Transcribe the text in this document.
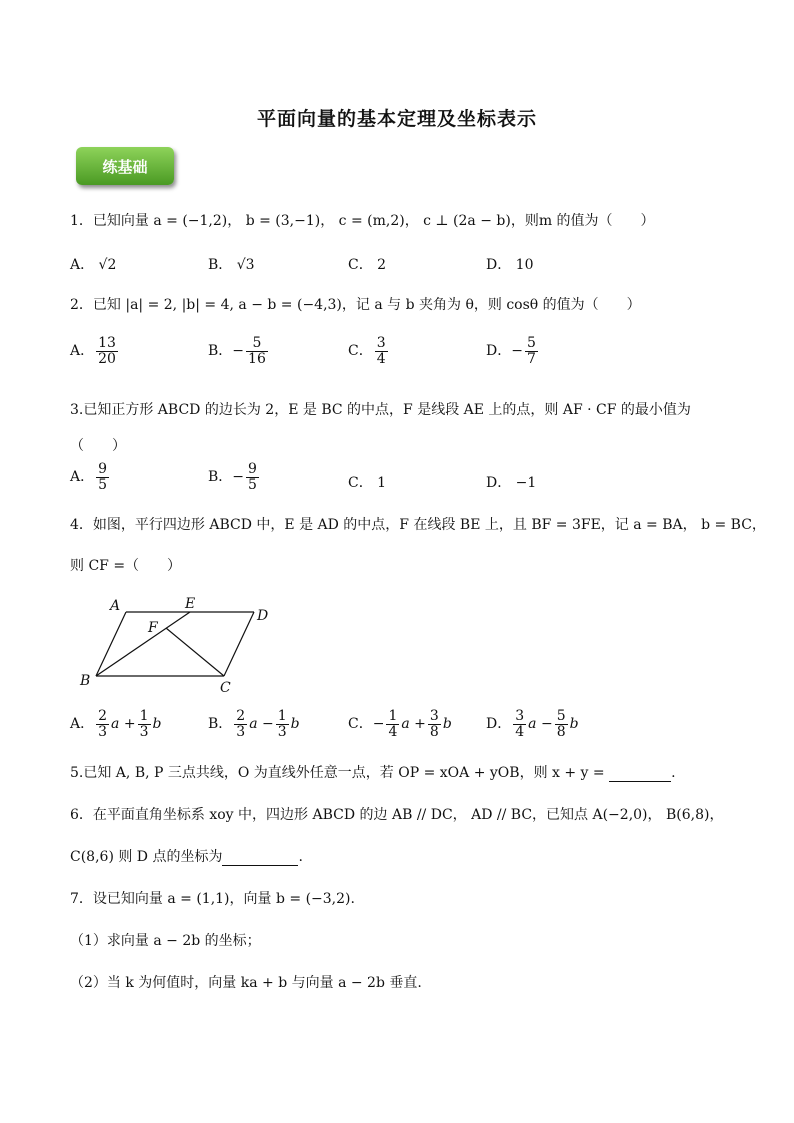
平面向量的基本定理及坐标表示
练基础
1．已知向量 a = (−1,2)， b = (3,−1)， c = (m,2)， c ⊥ (2a − b)，则m 的值为（　　）
A． √2	B． √3	C． 2	D． 10
2．已知 |a| = 2, |b| = 4, a − b = (−4,3)，记 a 与 b 夹角为 θ，则 cosθ 的值为（　　）
A． $\frac{13}{20}$	B．− $\frac{5}{16}$	C． $\frac{3}{4}$	D．− $\frac{5}{7}$
3.已知正方形 ABCD 的边长为 2，E 是 BC 的中点，F 是线段 AE 上的点，则 AF · CF 的最小值为
（　　）
A． $\frac{9}{5}$	B．− $\frac{9}{5}$	C． 1	D． −1
4．如图，平行四边形 ABCD 中，E 是 AD 的中点，F 在线段 BE 上，且 BF = 3FE，记 a = BA， b = BC，
则 CF =（　　）
A	E
D
F
B	C
A． $\frac{2}{3}$ $a + \frac{1}{3}$ b	B． $\frac{2}{3}$ $a - \frac{1}{3}$ b	C．− $\frac{1}{4}$ $a + \frac{3}{8}$ b D． $\frac{3}{4}$ $a - \frac{5}{8}$ b
5.已知 A, B, P 三点共线，O 为直线外任意一点，若 OP = xOA + yOB，则 x + y =	.
6．在平面直角坐标系 xoy 中，四边形 ABCD 的边 AB // DC， AD // BC，已知点 A(−2,0)， B(6,8)，
C(8,6) 则 D 点的坐标为	.
7．设已知向量 a = (1,1)，向量 b = (−3,2).
（1）求向量 a − 2b 的坐标；
（2）当 k 为何值时，向量 ka + b 与向量 a − 2b 垂直.
